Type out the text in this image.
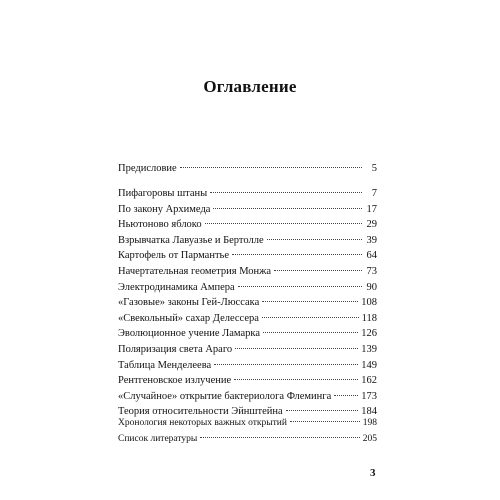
Оглавление
Предисловие	5
Пифагоровы штаны	7
По закону Архимеда	17
Ньютоново яблоко	29
Взрывчатка Лавуазье и Бертолле	39
Картофель от Пармантье	64
Начертательная геометрия Монжа	73
Электродинамика Ампера	90
«Газовые» законы Гей-Люссака	108
«Свекольный» сахар Делессера	118
Эволюционное учение Ламарка	126
Поляризация света Араго	139
Таблица Менделеева	149
Рентгеновское излучение	162
«Случайное» открытие бактериолога Флеминга	173
Теория относительности Эйнштейна	184
Хронология некоторых важных открытий	198
Список литературы	205
3
